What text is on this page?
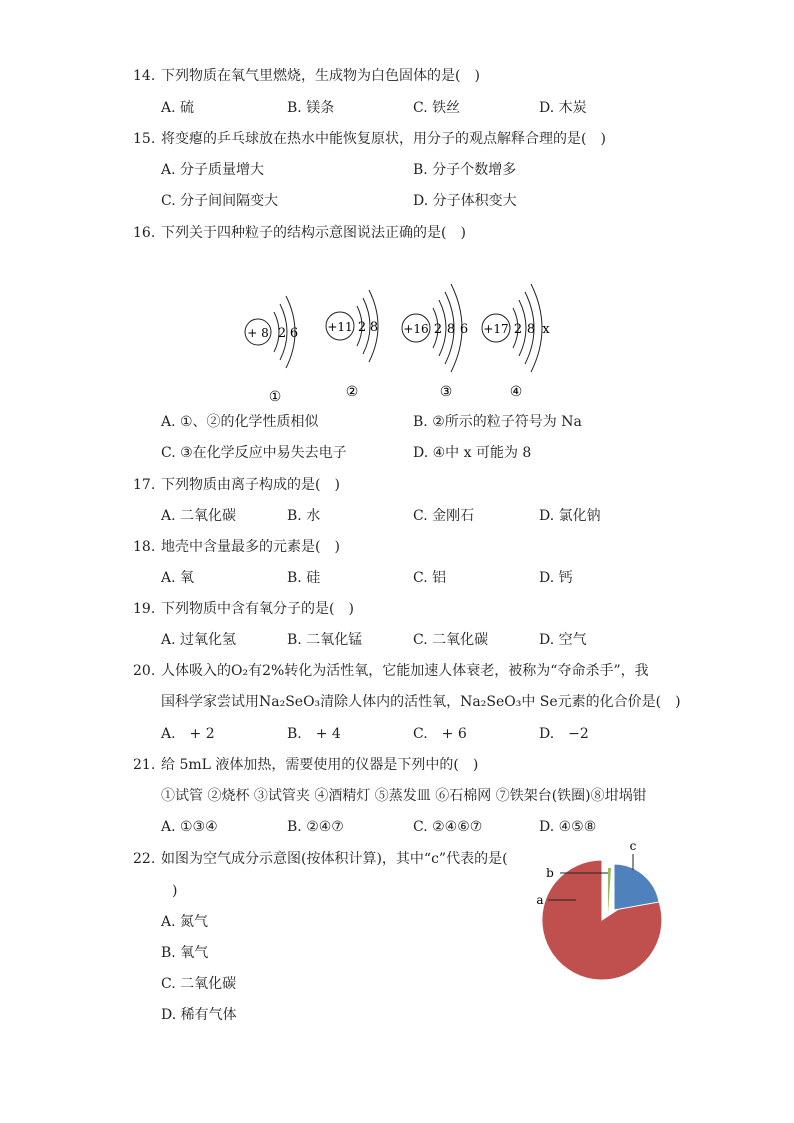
14. 下列物质在氧气里燃烧，生成物为白色固体的是( )
A. 硫	B. 镁条	C. 铁丝	D. 木炭
15. 将变瘪的乒乓球放在热水中能恢复原状，用分子的观点解释合理的是( )
A. 分子质量增大	B. 分子个数增多
C. 分子间间隔变大	D. 分子体积变大
16. 下列关于四种粒子的结构示意图说法正确的是( )
+ 8 2 6
①
+11 2 8
②
+16 2 8 6
③
+17 2 8 x
④
A. ①、②的化学性质相似	B. ②所示的粒子符号为 Na
C. ③在化学反应中易失去电子	D. ④中 x 可能为 8
17. 下列物质由离子构成的是( )
A. 二氧化碳	B. 水	C. 金刚石	D. 氯化钠
18. 地壳中含量最多的元素是( )
A. 氧	B. 硅	C. 铝	D. 钙
19. 下列物质中含有氧分子的是( )
A. 过氧化氢	B. 二氧化锰	C. 二氧化碳	D. 空气
20. 人体吸入的O₂有2%转化为活性氧，它能加速人体衰老，被称为“夺命杀手”，我
国科学家尝试用Na₂SeO₃清除人体内的活性氧，Na₂SeO₃中 Se元素的化合价是( )
A. + 2	B. + 4	C. + 6	D. −2
21. 给 5mL 液体加热，需要使用的仪器是下列中的( )
①试管 ②烧杯 ③试管夹 ④酒精灯 ⑤蒸发皿 ⑥石棉网 ⑦铁架台(铁圈)⑧坩埚钳
A. ①③④	B. ②④⑦	C. ②④⑥⑦	D. ④⑤⑧
22. 如图为空气成分示意图(按体积计算)，其中“c”代表的是(
)
A. 氮气
B. 氧气
C. 二氧化碳
D. 稀有气体
a
b
c
